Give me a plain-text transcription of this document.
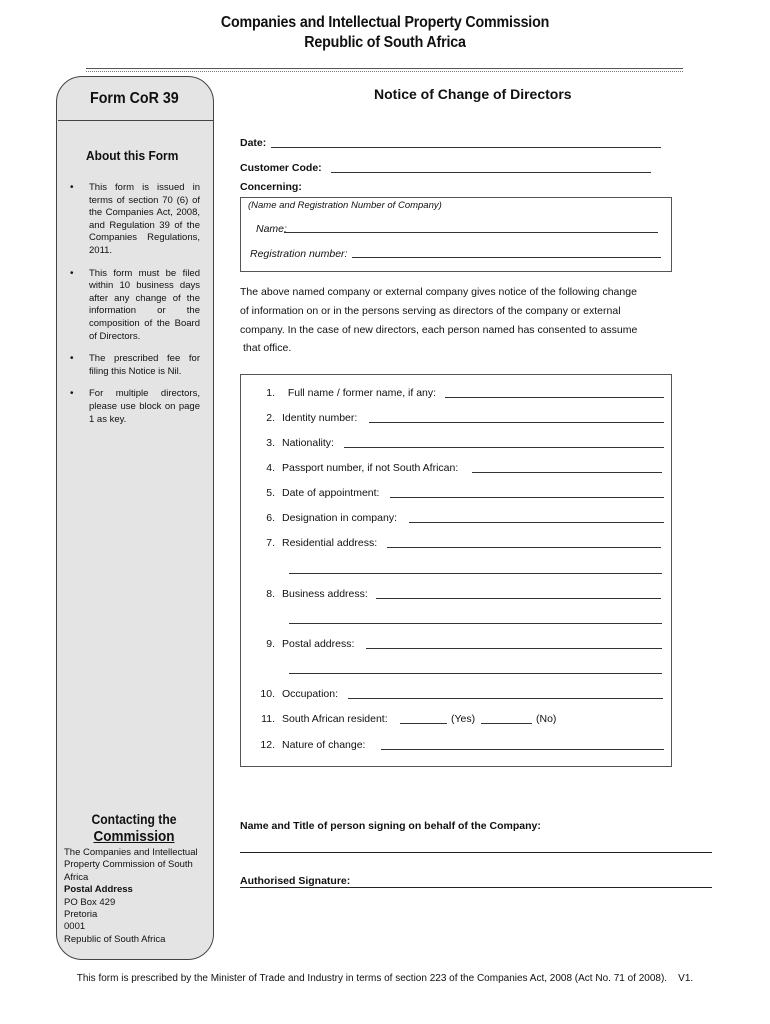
Companies and Intellectual Property Commission
Republic of South Africa
Form CoR 39
About this Form
• This form is issued in terms of section 70 (6) of the Companies Act, 2008, and Regulation 39 of the Companies Regulations, 2011.
• This form must be filed within 10 business days after any change of the information or the composition of the Board of Directors.
• The prescribed fee for filing this Notice is Nil.
• For multiple directors, please use block on page 1 as key.
Contacting the
Commission
The Companies and Intellectual
Property Commission of South Africa
Postal Address
PO Box 429
Pretoria
0001
Republic of South Africa
Notice of Change of Directors
Date:
Customer Code:
Concerning:
(Name and Registration Number of Company)
Name:
Registration number:
The above named company or external company gives notice of the following change
of information on or in the persons serving as directors of the company or external
company. In the case of new directors, each person named has consented to assume
that office.
1.  Full name / former name, if any:
2. Identity number:
3. Nationality:
4. Passport number, if not South African:
5. Date of appointment:
6. Designation in company:
7. Residential address:
8. Business address:
9. Postal address:
10. Occupation:
11. South African resident:	(Yes)	(No)
12. Nature of change:
Name and Title of person signing on behalf of the Company:
Authorised Signature:
This form is prescribed by the Minister of Trade and Industry in terms of section 223 of the Companies Act, 2008 (Act No. 71 of 2008).    V1.
